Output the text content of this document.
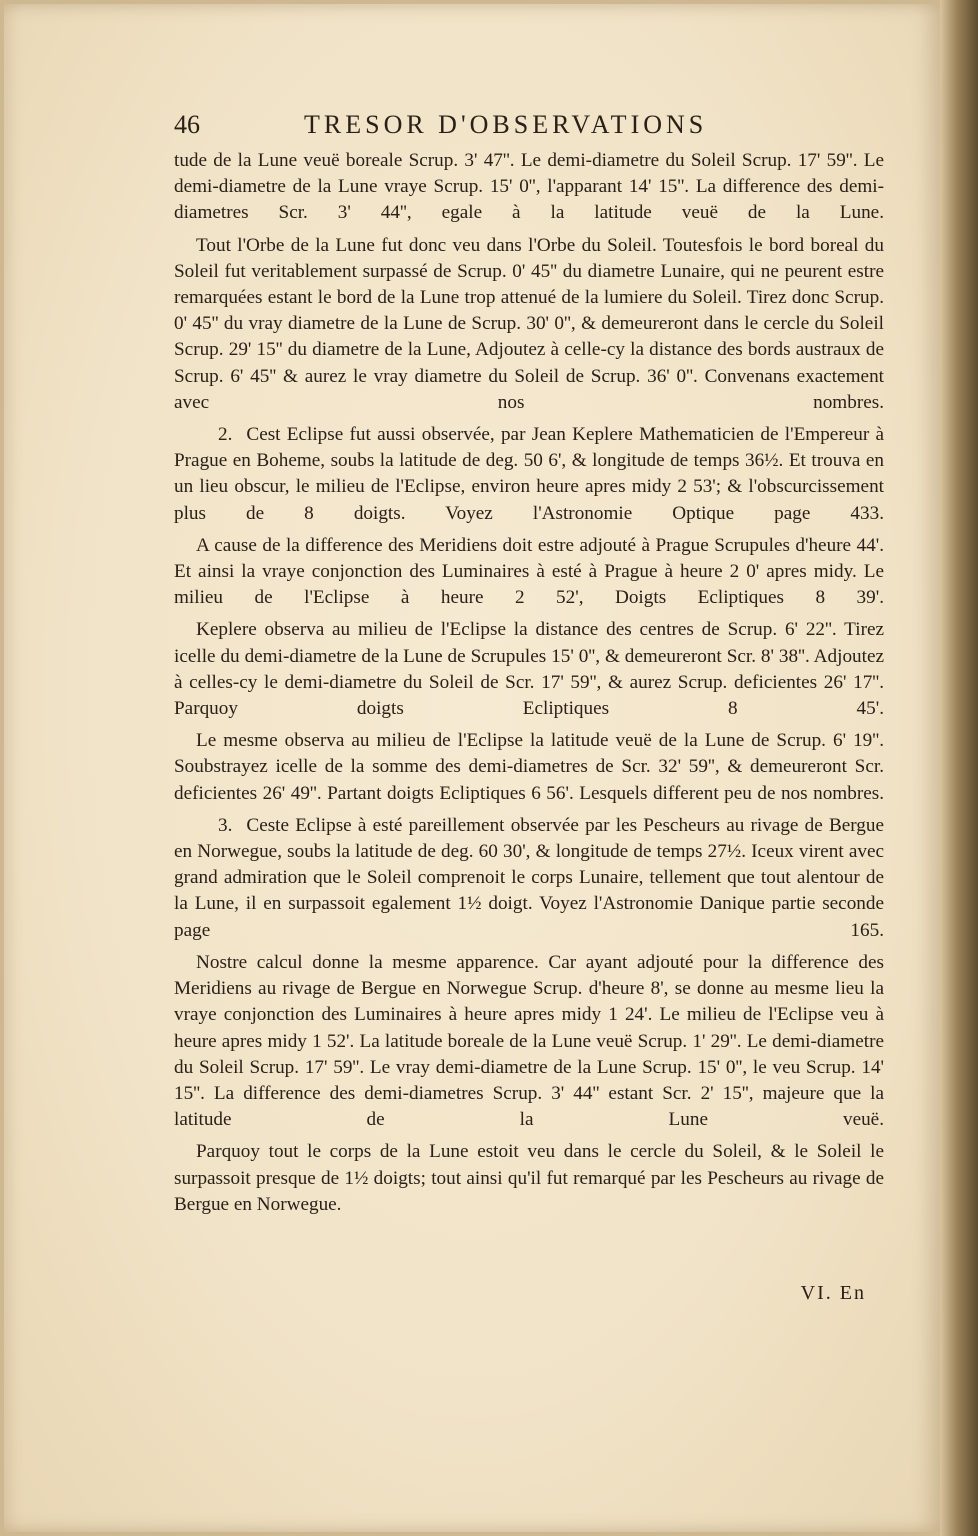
46	TRESOR D'OBSERVATIONS

tude de la Lune veuë boreale Scrup. 3' 47''. Le demi-diametre du Soleil Scrup. 17' 59''. Le demi-diametre de la Lune vraye Scrup. 15' 0'', l'apparant 14' 15''. La difference des demi-diametres Scr. 3' 44'', egale à la latitude veuë de la Lune.

Tout l'Orbe de la Lune fut donc veu dans l'Orbe du Soleil. Toutesfois le bord boreal du Soleil fut veritablement surpassé de Scrup. 0' 45'' du diametre Lunaire, qui ne peurent estre remarquées estant le bord de la Lune trop attenué de la lumiere du Soleil. Tirez donc Scrup. 0' 45'' du vray diametre de la Lune de Scrup. 30' 0'', & demeureront dans le cercle du Soleil Scrup. 29' 15'' du diametre de la Lune, Adjoutez à celle-cy la distance des bords austraux de Scrup. 6' 45'' & aurez le vray diametre du Soleil de Scrup. 36' 0''. Convenans exactement avec nos nombres.

2. Cest Eclipse fut aussi observée, par Jean Keplere Mathematicien de l'Empereur à Prague en Boheme, soubs la latitude de deg. 50 6', & longitude de temps 36½. Et trouva en un lieu obscur, le milieu de l'Eclipse, environ heure apres midy 2 53'; & l'obscurcissement plus de 8 doigts. Voyez l'Astronomie Optique page 433.

A cause de la difference des Meridiens doit estre adjouté à Prague Scrupules d'heure 44'. Et ainsi la vraye conjonction des Luminaires à esté à Prague à heure 2 0' apres midy. Le milieu de l'Eclipse à heure 2 52', Doigts Ecliptiques 8 39'.

Keplere observa au milieu de l'Eclipse la distance des centres de Scrup. 6' 22''. Tirez icelle du demi-diametre de la Lune de Scrupules 15' 0'', & demeureront Scr. 8' 38''. Adjoutez à celles-cy le demi-diametre du Soleil de Scr. 17' 59'', & aurez Scrup. deficientes 26' 17''. Parquoy doigts Ecliptiques 8 45'.

Le mesme observa au milieu de l'Eclipse la latitude veuë de la Lune de Scrup. 6' 19''. Soubstrayez icelle de la somme des demi-diametres de Scr. 32' 59'', & demeureront Scr. deficientes 26' 49''. Partant doigts Ecliptiques 6 56'. Lesquels different peu de nos nombres.

3. Ceste Eclipse à esté pareillement observée par les Pescheurs au rivage de Bergue en Norwegue, soubs la latitude de deg. 60 30', & longitude de temps 27½. Iceux virent avec grand admiration que le Soleil comprenoit le corps Lunaire, tellement que tout alentour de la Lune, il en surpassoit egalement 1½ doigt. Voyez l'Astronomie Danique partie seconde page 165.

Nostre calcul donne la mesme apparence. Car ayant adjouté pour la difference des Meridiens au rivage de Bergue en Norwegue Scrup. d'heure 8', se donne au mesme lieu la vraye conjonction des Luminaires à heure apres midy 1 24'. Le milieu de l'Eclipse veu à heure apres midy 1 52'. La latitude boreale de la Lune veuë Scrup. 1' 29''. Le demi-diametre du Soleil Scrup. 17' 59''. Le vray demi-diametre de la Lune Scrup. 15' 0'', le veu Scrup. 14' 15''. La difference des demi-diametres Scrup. 3' 44'' estant Scr. 2' 15'', majeure que la latitude de la Lune veuë.

Parquoy tout le corps de la Lune estoit veu dans le cercle du Soleil, & le Soleil le surpassoit presque de 1½ doigts; tout ainsi qu'il fut remarqué par les Pescheurs au rivage de Bergue en Norwegue.

VI. En
